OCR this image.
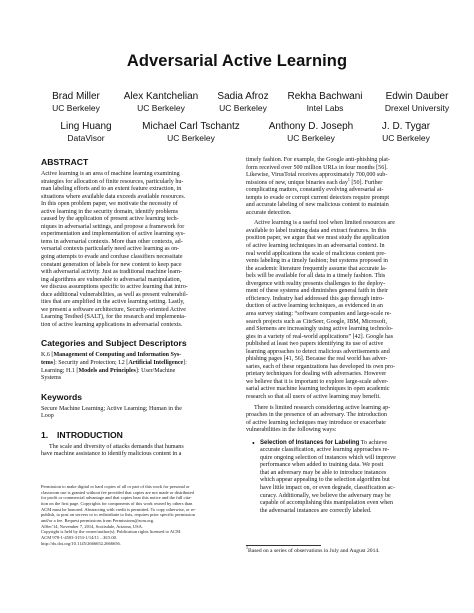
Adversarial Active Learning
Brad Miller
UC Berkeley
Alex Kantchelian
UC Berkeley
Sadia Afroz
UC Berkeley
Rekha Bachwani
Intel Labs
Edwin Dauber
Drexel University
Ling Huang
DataVisor
Michael Carl Tschantz
UC Berkeley
Anthony D. Joseph
UC Berkeley
J. D. Tygar
UC Berkeley
ABSTRACT

Active learning is an area of machine learning examining

strategies for allocation of finite resources, particularly hu-

man labeling efforts and to an extent feature extraction, in

situations where available data exceeds available resources.

In this open problem paper, we motivate the necessity of

active learning in the security domain, identify problems

caused by the application of present active learning tech-

niques in adversarial settings, and propose a framework for

experimentation and implementation of active learning sys-

tems in adversarial contexts. More than other contexts, ad-

versarial contexts particularly need active learning as on-

going attempts to evade and confuse classifiers necessitate

constant generation of labels for new content to keep pace

with adversarial activity. Just as traditional machine learn-

ing algorithms are vulnerable to adversarial manipulation,

we discuss assumptions specific to active learning that intro-

duce additional vulnerabilities, as well as present vulnerabil-

ities that are amplified in the active learning setting. Lastly,

we present a software architecture, Security-oriented Active

Learning Testbed (SALT), for the research and implementa-

tion of active learning applications in adversarial contexts.

Categories and Subject Descriptors

K.6 [Management of Computing and Information Sys-

tems]: Security and Protection; I.2 [Artificial Intelligence]:

Learning; H.1 [Models and Principles]: User/Machine

Systems

Keywords

Secure Machine Learning; Active Learning; Human in the

Loop

1. INTRODUCTION

The scale and diversity of attacks demands that humans

have machine assistance to identify malicious content in a

Permission to make digital or hard copies of all or part of this work for personal or

classroom use is granted without fee provided that copies are not made or distributed

for profit or commercial advantage and that copies bear this notice and the full cita-

tion on the first page. Copyrights for components of this work owned by others than

ACM must be honored. Abstracting with credit is permitted. To copy otherwise, or re-

publish, to post on servers or to redistribute to lists, requires prior specific permission

and/or a fee. Request permissions from Permissions@acm.org.

AISec'14, November 7, 2014, Scottsdale, Arizona, USA.

Copyright is held by the owner/author(s). Publication rights licensed to ACM.

ACM 978-1-4503-3153-1/14/11 ...$15.00.

http://dx.doi.org/10.1145/2666652.2666656.

timely fashion. For example, the Google anti-phishing plat-

form received over 500 million URLs in four months [56].

Likewise, VirusTotal receives approximately 700,000 sub-

missions of new, unique binaries each day$^1$ [50]. Further

complicating matters, constantly evolving adversarial at-

tempts to evade or corrupt current detectors require prompt

and accurate labeling of new malicious content to maintain

accurate detection.

Active learning is a useful tool when limited resources are

available to label training data and extract features. In this

position paper, we argue that we must study the application

of active learning techniques in an adversarial context. In

real world applications the scale of malicious content pre-

vents labeling in a timely fashion; but systems proposed in

the academic literature frequently assume that accurate la-

bels will be available for all data in a timely fashion. This

divergence with reality presents challenges to the deploy-

ment of these systems and diminishes general faith in their

efficiency. Industry had addressed this gap through intro-

duction of active learning techniques, as evidenced in an

area survey stating: “software companies and large-scale re-

search projects such as CiteSeer, Google, IBM, Microsoft,

and Siemens are increasingly using active learning technolo-

gies in a variety of real-world applications” [42]. Google has

published at least two papers identifying its use of active

learning approaches to detect malicious advertisements and

phishing pages [41, 56]. Because the real world has adver-

saries, each of these organizations has developed its own pro-

prietary techniques for dealing with adversaries. However

we believe that it is important to explore large-scale adver-

sarial active machine learning techniques in open academic

research so that all users of active learning may benefit.

There is limited research considering active learning ap-

proaches in the presence of an adversary. The introduction

of active learning techniques may introduce or exacerbate

vulnerabilities in the following ways:

• Selection of Instances for Labeling To achieve

accurate classification, active learning approaches re-

quire ongoing selection of instances which will improve

performance when added to training data. We posit

that an adversary may be able to introduce instances

which appear appealing to the selection algorithm but

have little impact on, or even degrade, classification ac-

curacy. Additionally, we believe the adversary may be

capable of accomplishing this manipulation even when

the adversarial instances are correctly labeled.

$^1$Based on a series of observations in July and August 2014.
